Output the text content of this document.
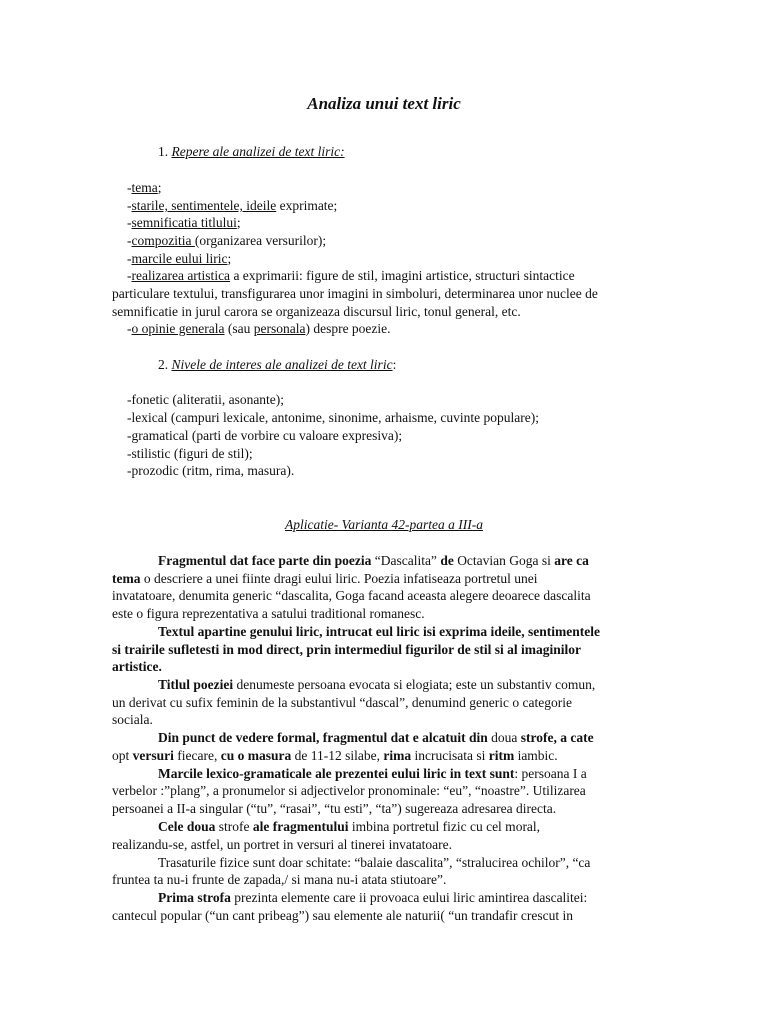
Analiza unui text liric
1. Repere ale analizei de text liric:
-tema;
-starile, sentimentele, ideile exprimate;
-semnificatia titlului;
-compozitia (organizarea versurilor);
-marcile eului liric;
-realizarea artistica a exprimarii: figure de stil, imagini artistice, structuri sintactice
particulare textului, transfigurarea unor imagini in simboluri, determinarea unor nuclee de
semnificatie in jurul carora se organizeaza discursul liric, tonul general, etc.
-o opinie generala (sau personala) despre poezie.
2. Nivele de interes ale analizei de text liric:
-fonetic (aliteratii, asonante);
-lexical (campuri lexicale, antonime, sinonime, arhaisme, cuvinte populare);
-gramatical (parti de vorbire cu valoare expresiva);
-stilistic (figuri de stil);
-prozodic (ritm, rima, masura).
Aplicatie- Varianta 42-partea a III-a
Fragmentul dat face parte din poezia “Dascalita” de Octavian Goga si are ca
tema o descriere a unei fiinte dragi eului liric. Poezia infatiseaza portretul unei
invatatoare, denumita generic “dascalita, Goga facand aceasta alegere deoarece dascalita
este o figura reprezentativa a satului traditional romanesc.
Textul apartine genului liric, intrucat eul liric isi exprima ideile, sentimentele
si trairile sufletesti in mod direct, prin intermediul figurilor de stil si al imaginilor
artistice.
Titlul poeziei denumeste persoana evocata si elogiata; este un substantiv comun,
un derivat cu sufix feminin de la substantivul “dascal”, denumind generic o categorie
sociala.
Din punct de vedere formal, fragmentul dat e alcatuit din doua strofe, a cate
opt versuri fiecare, cu o masura de 11-12 silabe, rima incrucisata si ritm iambic.
Marcile lexico-gramaticale ale prezentei eului liric in text sunt: persoana I a
verbelor :”plang”, a pronumelor si adjectivelor pronominale: “eu”, “noastre”. Utilizarea
persoanei a II-a singular (“tu”, “rasai”, “tu esti”, “ta”) sugereaza adresarea directa.
Cele doua strofe ale fragmentului imbina portretul fizic cu cel moral,
realizandu-se, astfel, un portret in versuri al tinerei invatatoare.
Trasaturile fizice sunt doar schitate: “balaie dascalita”, “stralucirea ochilor”, “ca
fruntea ta nu-i frunte de zapada,/ si mana nu-i atata stiutoare”.
Prima strofa prezinta elemente care ii provoaca eului liric amintirea dascalitei:
cantecul popular (“un cant pribeag”) sau elemente ale naturii( “un trandafir crescut in
